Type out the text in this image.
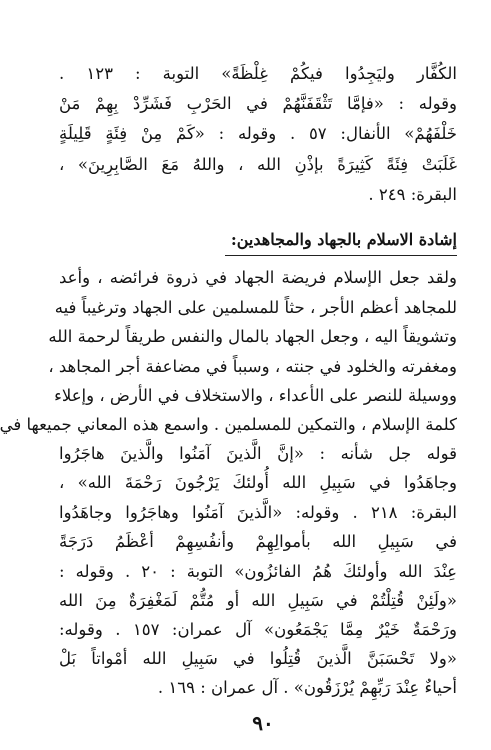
الكُفَّار وليَجِدُوا فيكُمْ غِلْظَةً» التوبة : ١٢٣ .
وقوله : «فإمَّا تَثْقَفَنَّهُمْ في الحَرْبِ فَشَرِّدْ بِهِمْ مَنْ
خَلْفَهُمْ» الأنفال: ٥٧ . وقوله : «كَمْ مِنْ فِئَةٍ قَلِيلَةٍ
غَلَبَتْ فِئَةً كَثِيرَةً بإذْنِ الله ، واللهُ مَعَ الصَّابِرِينَ» ،
البقرة: ٢٤٩ .
إشادة الاسلام بالجهاد والمجاهدين:
ولقد جعل الإسلام فريضة الجهاد في ذروة فرائضه ، وأعد
للمجاهد أعظم الأجر ، حثاً للمسلمين على الجهاد وترغيباً فيه
وتشويقاً اليه ، وجعل الجهاد بالمال والنفس طريقاً لرحمة الله
ومغفرته والخلود في جنته ، وسبباً في مضاعفة أجر المجاهد ،
ووسيلة للنصر على الأعداء ، والاستخلاف في الأرض ، وإعلاء
كلمة الإسلام ، والتمكين للمسلمين . واسمع هذه المعاني جميعها في
قوله جل شأنه : «إنَّ الَّذينَ آمَنُوا والَّذينَ هاجَرُوا
وجاهَدُوا في سَبِيلِ الله أُولئكَ يَرْجُونَ رَحْمَةَ الله» ،
البقرة: ٢١٨ . وقوله: «الَّذينَ آمَنُوا وهاجَرُوا وجاهَدُوا
في سَبِيلِ الله بأموالِهِمْ وأنفُسِهِمْ أعْظَمُ دَرَجَةً
عِنْدَ الله وأولئكَ هُمُ الفائزُون» التوبة : ٢٠ . وقوله :
«ولَئِنْ قُتِلْتُمْ في سَبِيلِ الله أو مُتُّمْ لَمَغْفِرَةٌ مِنَ الله
ورَحْمَةٌ خَيْرٌ مِمَّا يَجْمَعُون» آل عمران: ١٥٧ . وقوله:
«ولا تَحْسَبَنَّ الَّذينَ قُتِلُوا في سَبِيلِ الله أمْواتاً بَلْ
أحياءٌ عِنْدَ رَبِّهِمْ يُرْزَقُون» . آل عمران : ١٦٩ .
٩٠
